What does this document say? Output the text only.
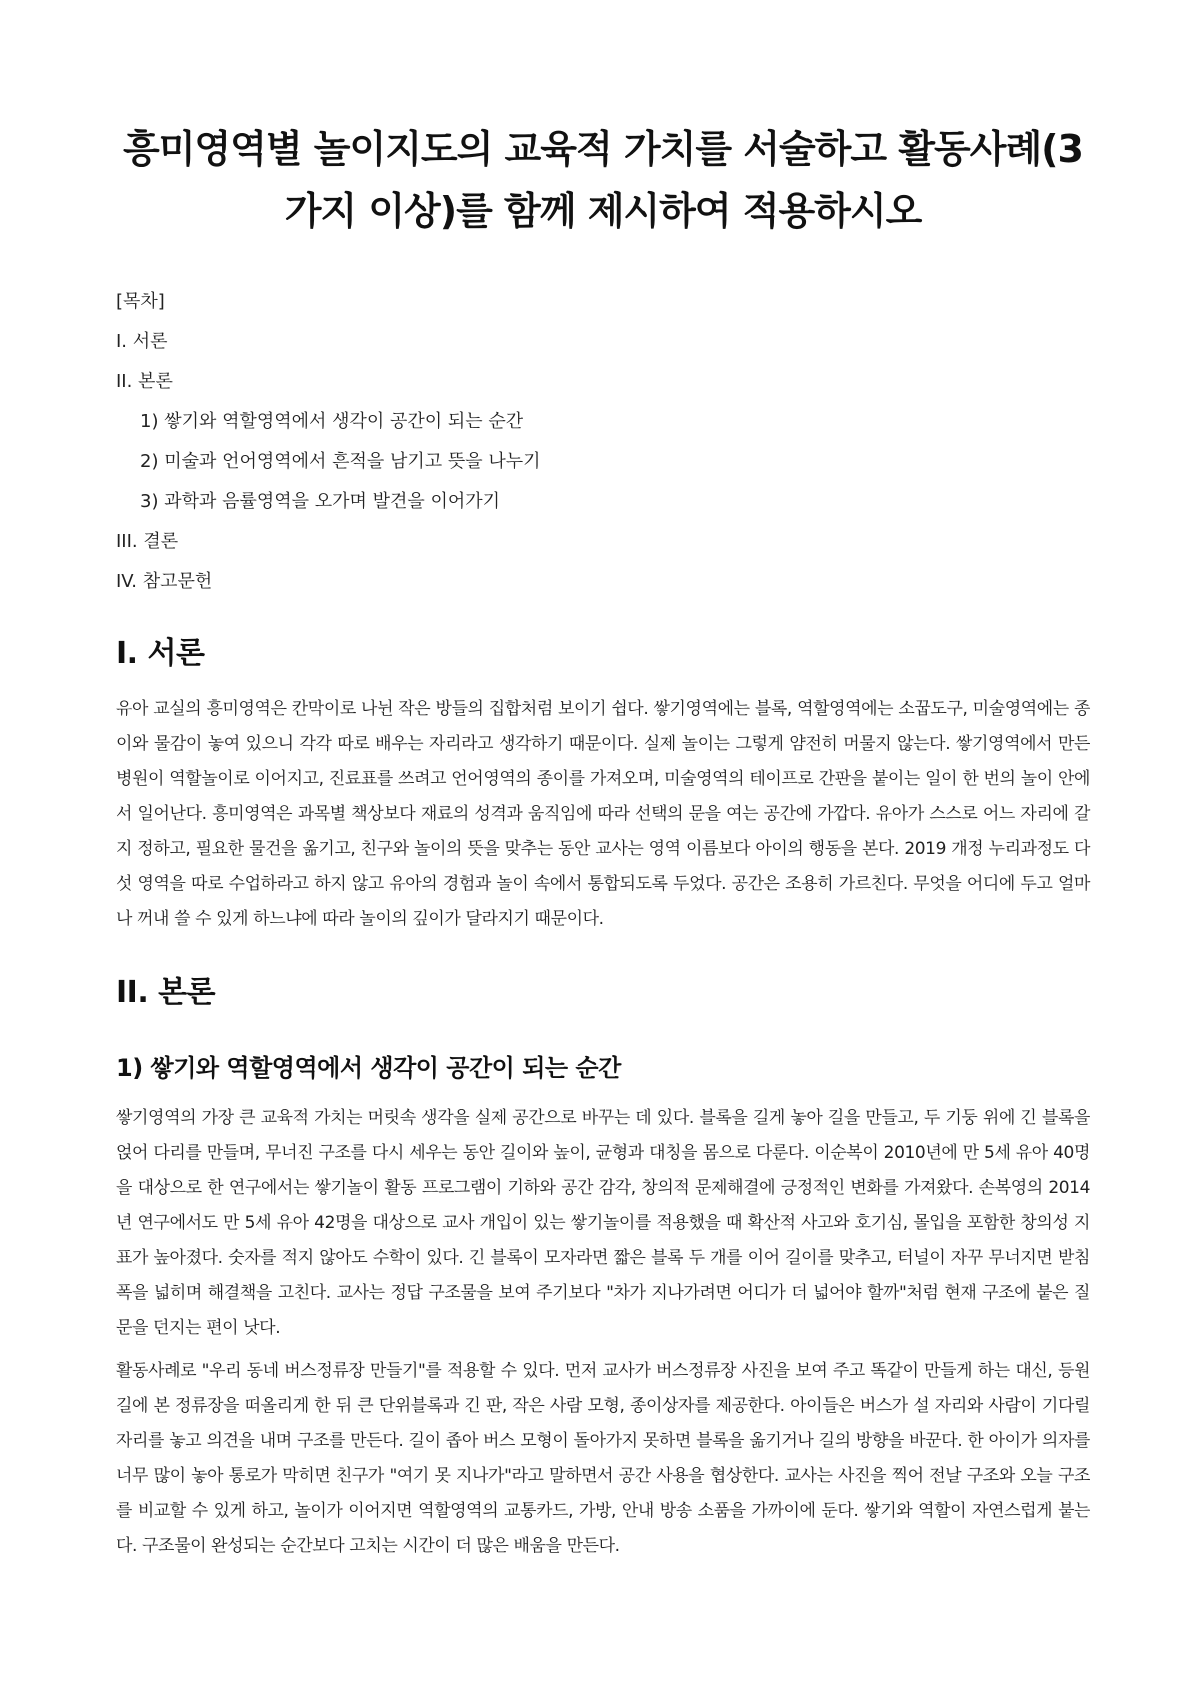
흥미영역별 놀이지도의 교육적 가치를 서술하고 활동사례(3가지 이상)를 함께 제시하여 적용하시오
[목차]
I. 서론
II. 본론
1) 쌓기와 역할영역에서 생각이 공간이 되는 순간
2) 미술과 언어영역에서 흔적을 남기고 뜻을 나누기
3) 과학과 음률영역을 오가며 발견을 이어가기
III. 결론
IV. 참고문헌
I. 서론

유아 교실의 흥미영역은 칸막이로 나뉜 작은 방들의 집합처럼 보이기 쉽다. 쌓기영역에는 블록, 역할영역에는 소꿉도구, 미술영역에는 종이와 물감이 놓여 있으니 각각 따로 배우는 자리라고 생각하기 때문이다. 실제 놀이는 그렇게 얌전히 머물지 않는다. 쌓기영역에서 만든 병원이 역할놀이로 이어지고, 진료표를 쓰려고 언어영역의 종이를 가져오며, 미술영역의 테이프로 간판을 붙이는 일이 한 번의 놀이 안에서 일어난다. 흥미영역은 과목별 책상보다 재료의 성격과 움직임에 따라 선택의 문을 여는 공간에 가깝다. 유아가 스스로 어느 자리에 갈지 정하고, 필요한 물건을 옮기고, 친구와 놀이의 뜻을 맞추는 동안 교사는 영역 이름보다 아이의 행동을 본다. 2019 개정 누리과정도 다섯 영역을 따로 수업하라고 하지 않고 유아의 경험과 놀이 속에서 통합되도록 두었다. 공간은 조용히 가르친다. 무엇을 어디에 두고 얼마나 꺼내 쓸 수 있게 하느냐에 따라 놀이의 깊이가 달라지기 때문이다.

II. 본론
1) 쌓기와 역할영역에서 생각이 공간이 되는 순간

쌓기영역의 가장 큰 교육적 가치는 머릿속 생각을 실제 공간으로 바꾸는 데 있다. 블록을 길게 놓아 길을 만들고, 두 기둥 위에 긴 블록을 얹어 다리를 만들며, 무너진 구조를 다시 세우는 동안 길이와 높이, 균형과 대칭을 몸으로 다룬다. 이순복이 2010년에 만 5세 유아 40명을 대상으로 한 연구에서는 쌓기놀이 활동 프로그램이 기하와 공간 감각, 창의적 문제해결에 긍정적인 변화를 가져왔다. 손복영의 2014년 연구에서도 만 5세 유아 42명을 대상으로 교사 개입이 있는 쌓기놀이를 적용했을 때 확산적 사고와 호기심, 몰입을 포함한 창의성 지표가 높아졌다. 숫자를 적지 않아도 수학이 있다. 긴 블록이 모자라면 짧은 블록 두 개를 이어 길이를 맞추고, 터널이 자꾸 무너지면 받침 폭을 넓히며 해결책을 고친다. 교사는 정답 구조물을 보여 주기보다 "차가 지나가려면 어디가 더 넓어야 할까"처럼 현재 구조에 붙은 질문을 던지는 편이 낫다.

활동사례로 "우리 동네 버스정류장 만들기"를 적용할 수 있다. 먼저 교사가 버스정류장 사진을 보여 주고 똑같이 만들게 하는 대신, 등원길에 본 정류장을 떠올리게 한 뒤 큰 단위블록과 긴 판, 작은 사람 모형, 종이상자를 제공한다. 아이들은 버스가 설 자리와 사람이 기다릴 자리를 놓고 의견을 내며 구조를 만든다. 길이 좁아 버스 모형이 돌아가지 못하면 블록을 옮기거나 길의 방향을 바꾼다. 한 아이가 의자를 너무 많이 놓아 통로가 막히면 친구가 "여기 못 지나가"라고 말하면서 공간 사용을 협상한다. 교사는 사진을 찍어 전날 구조와 오늘 구조를 비교할 수 있게 하고, 놀이가 이어지면 역할영역의 교통카드, 가방, 안내 방송 소품을 가까이에 둔다. 쌓기와 역할이 자연스럽게 붙는다. 구조물이 완성되는 순간보다 고치는 시간이 더 많은 배움을 만든다.
